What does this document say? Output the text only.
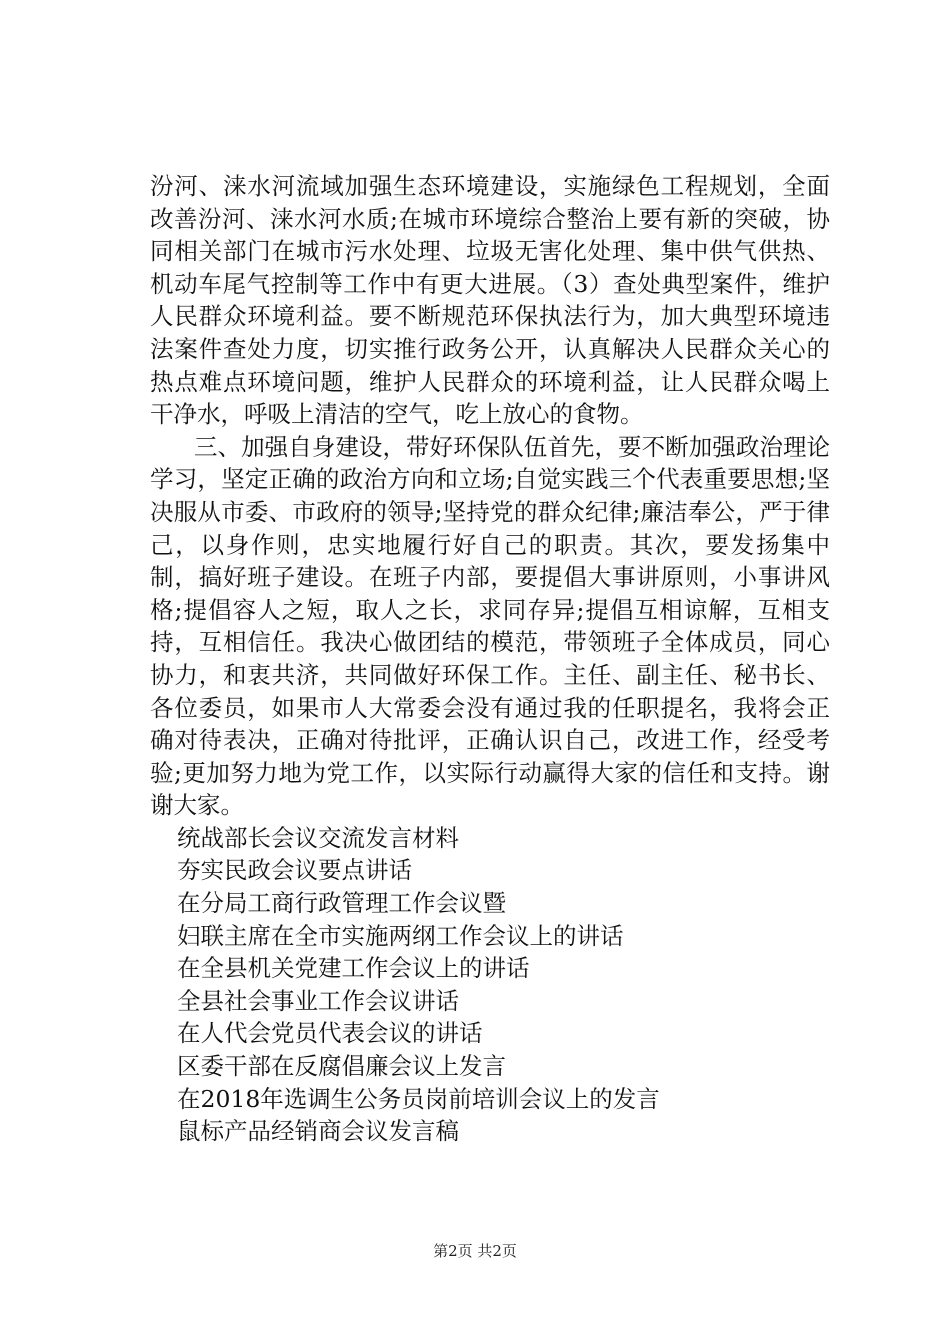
汾河、涞水河流域加强生态环境建设，实施绿色工程规划，全面改善汾河、涞水河水质;在城市环境综合整治上要有新的突破，协同相关部门在城市污水处理、垃圾无害化处理、集中供气供热、机动车尾气控制等工作中有更大进展。（3）查处典型案件，维护人民群众环境利益。要不断规范环保执法行为，加大典型环境违法案件查处力度，切实推行政务公开，认真解决人民群众关心的热点难点环境问题，维护人民群众的环境利益，让人民群众喝上干净水，呼吸上清洁的空气，吃上放心的食物。

三、加强自身建设，带好环保队伍首先，要不断加强政治理论学习，坚定正确的政治方向和立场;自觉实践三个代表重要思想;坚决服从市委、市政府的领导;坚持党的群众纪律;廉洁奉公，严于律己，以身作则，忠实地履行好自己的职责。其次，要发扬集中制，搞好班子建设。在班子内部，要提倡大事讲原则，小事讲风格;提倡容人之短，取人之长，求同存异;提倡互相谅解，互相支持，互相信任。我决心做团结的模范，带领班子全体成员，同心协力，和衷共济，共同做好环保工作。主任、副主任、秘书长、各位委员，如果市人大常委会没有通过我的任职提名，我将会正确对待表决，正确对待批评，正确认识自己，改进工作，经受考验;更加努力地为党工作，以实际行动赢得大家的信任和支持。谢谢大家。

统战部长会议交流发言材料
夯实民政会议要点讲话
在分局工商行政管理工作会议暨
妇联主席在全市实施两纲工作会议上的讲话
在全县机关党建工作会议上的讲话
全县社会事业工作会议讲话
在人代会党员代表会议的讲话
区委干部在反腐倡廉会议上发言
在2018年选调生公务员岗前培训会议上的发言
鼠标产品经销商会议发言稿
第2页 共2页
